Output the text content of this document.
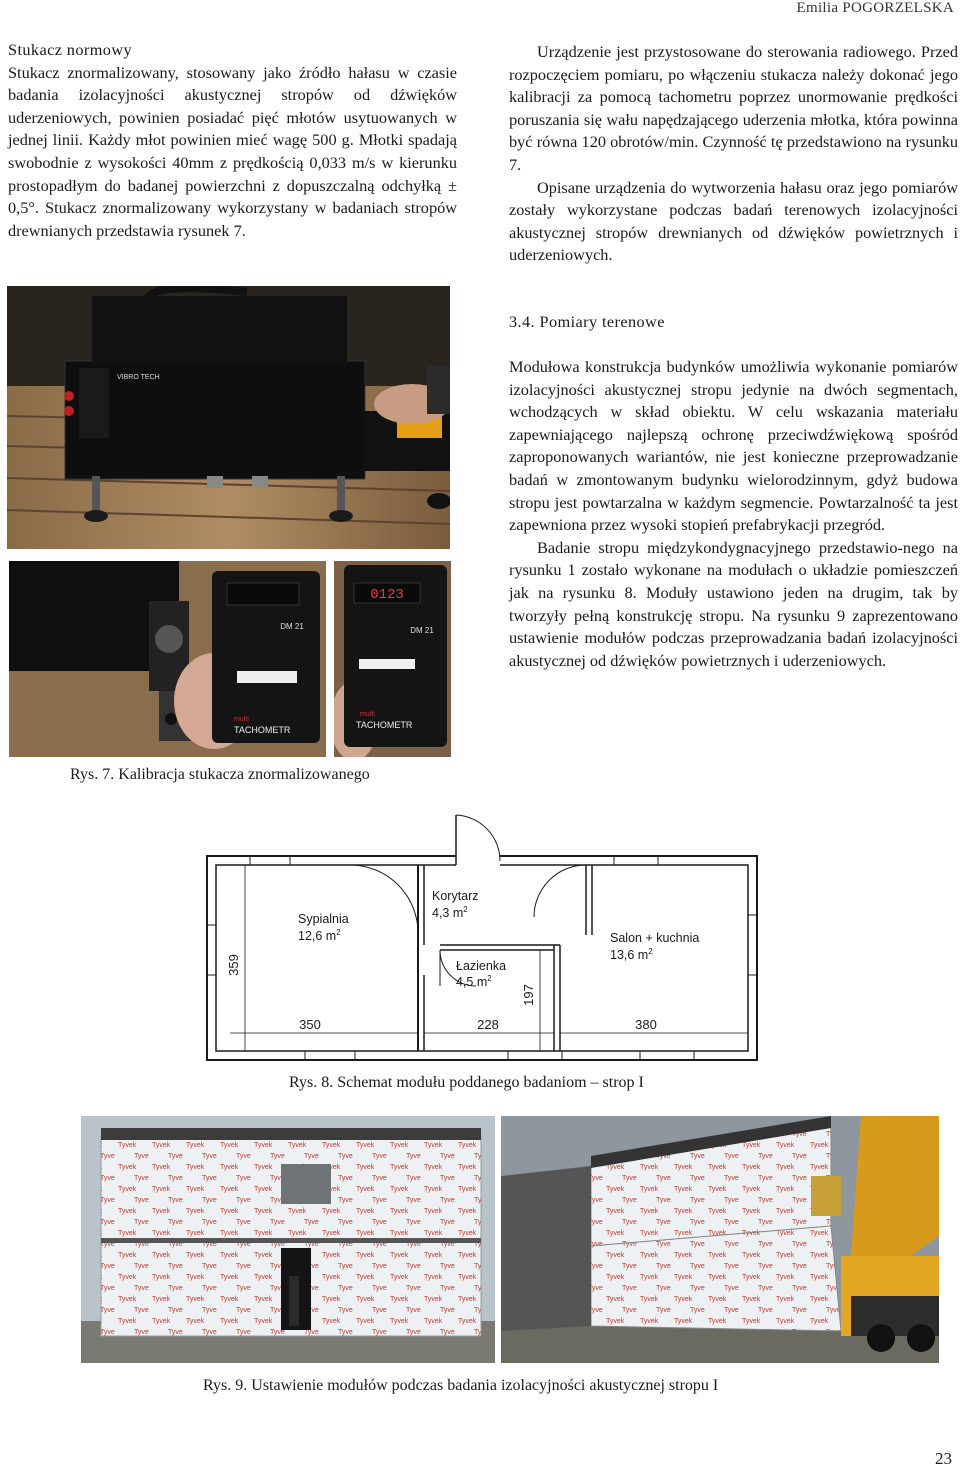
Emilia POGORZELSKA

Stukacz normowy

Stukacz znormalizowany, stosowany jako źródło hałasu w czasie badania izolacyjności akustycznej stropów od dźwięków uderzeniowych, powinien posiadać pięć młotów usytuowanych w jednej linii. Każdy młot powinien mieć wagę 500 g. Młotki spadają swobodnie z wysokości 40mm z prędkością 0,033 m/s w kierunku prostopadłym do badanej powierzchni z dopuszczalną odchyłką ± 0,5°. Stukacz znormalizowany wykorzystany w badaniach stropów drewnianych przedstawia rysunek 7.

VIBRO TECH
DM 21
multi
TACHOMETR
0123
DM 21
multi
TACHOMETR
Rys. 7. Kalibracja stukacza znormalizowanego

Urządzenie jest przystosowane do sterowania radiowego. Przed rozpoczęciem pomiaru, po włączeniu stukacza należy dokonać jego kalibracji za pomocą tachometru poprzez unormowanie prędkości poruszania się wału napędzającego uderzenia młotka, która powinna być równa 120 obrotów/min. Czynność tę przedstawiono na rysunku 7.

Opisane urządzenia do wytworzenia hałasu oraz jego pomiarów zostały wykorzystane podczas badań terenowych izolacyjności akustycznej stropów drewnianych od dźwięków powietrznych i uderzeniowych.

3.4. Pomiary terenowe

Modułowa konstrukcja budynków umożliwia wykonanie pomiarów izolacyjności akustycznej stropu jedynie na dwóch segmentach, wchodzących w skład obiektu. W celu wskazania materiału zapewniającego najlepszą ochronę przeciwdźwiękową spośród zaproponowanych wariantów, nie jest konieczne przeprowadzanie badań w zmontowanym budynku wielorodzinnym, gdyż budowa stropu jest powtarzalna w każdym segmencie. Powtarzalność ta jest zapewniona przez wysoki stopień prefabrykacji przegród.

Badanie stropu międzykondygnacyjnego przedstawio-nego na rysunku 1 zostało wykonane na modułach o układzie pomieszczeń jak na rysunku 8. Moduły ustawiono jeden na drugim, tak by tworzyły pełną konstrukcję stropu. Na rysunku 9 zaprezentowano ustawienie modułów podczas przeprowadzania badań izolacyjności akustycznej od dźwięków powietrznych i uderzeniowych.

Sypialnia
12,6 $m^2$
Korytarz
4,3 $m^2$
Łazienka
4,5 $m^2$
Salon + kuchnia
13,6 $m^2$
359
350	228	380
197
Rys. 8. Schemat modułu poddanego badaniom – strop I
Rys. 9. Ustawienie modułów podczas badania izolacyjności akustycznej stropu I
23
